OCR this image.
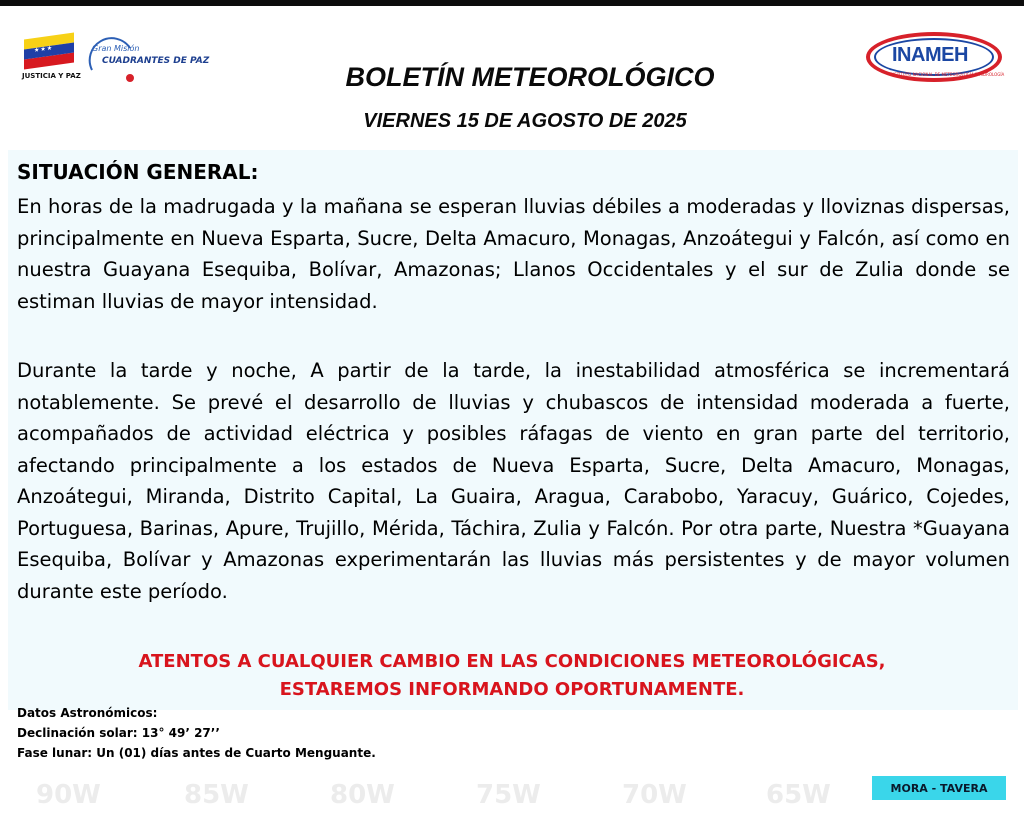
90W	85W	80W	75W	70W	65W
★★★
JUSTICIA Y PAZ
Gran Misión
CUADRANTES DE PAZ	INAMEH
INSTITUTO NACIONAL DE METEOROLOGÍA E HIDROLOGÍA
BOLETÍN METEOROLÓGICO
VIERNES 15 DE AGOSTO DE 2025
SITUACIÓN GENERAL:
En horas de la madrugada y la mañana se esperan lluvias débiles a moderadas y lloviznas dispersas, principalmente en Nueva Esparta, Sucre, Delta Amacuro, Monagas, Anzoátegui y Falcón, así como en nuestra Guayana Esequiba, Bolívar, Amazonas; Llanos Occidentales y el sur de Zulia donde se estiman lluvias de mayor intensidad.
Durante la tarde y noche, A partir de la tarde, la inestabilidad atmosférica se incrementará notablemente. Se prevé el desarrollo de lluvias y chubascos de intensidad moderada a fuerte, acompañados de actividad eléctrica y posibles ráfagas de viento en gran parte del territorio, afectando principalmente a los estados de Nueva Esparta, Sucre, Delta Amacuro, Monagas, Anzoátegui, Miranda, Distrito Capital, La Guaira, Aragua, Carabobo, Yaracuy, Guárico, Cojedes, Portuguesa, Barinas, Apure, Trujillo, Mérida, Táchira, Zulia y Falcón. Por otra parte, Nuestra *Guayana Esequiba, Bolívar y Amazonas experimentarán las lluvias más persistentes y de mayor volumen durante este período.
ATENTOS A CUALQUIER CAMBIO EN LAS CONDICIONES METEOROLÓGICAS,
ESTAREMOS INFORMANDO OPORTUNAMENTE.
Datos Astronómicos:
Declinación solar: 13° 49’ 27’’
Fase lunar: Un (01) días antes de Cuarto Menguante.
MORA - TAVERA
